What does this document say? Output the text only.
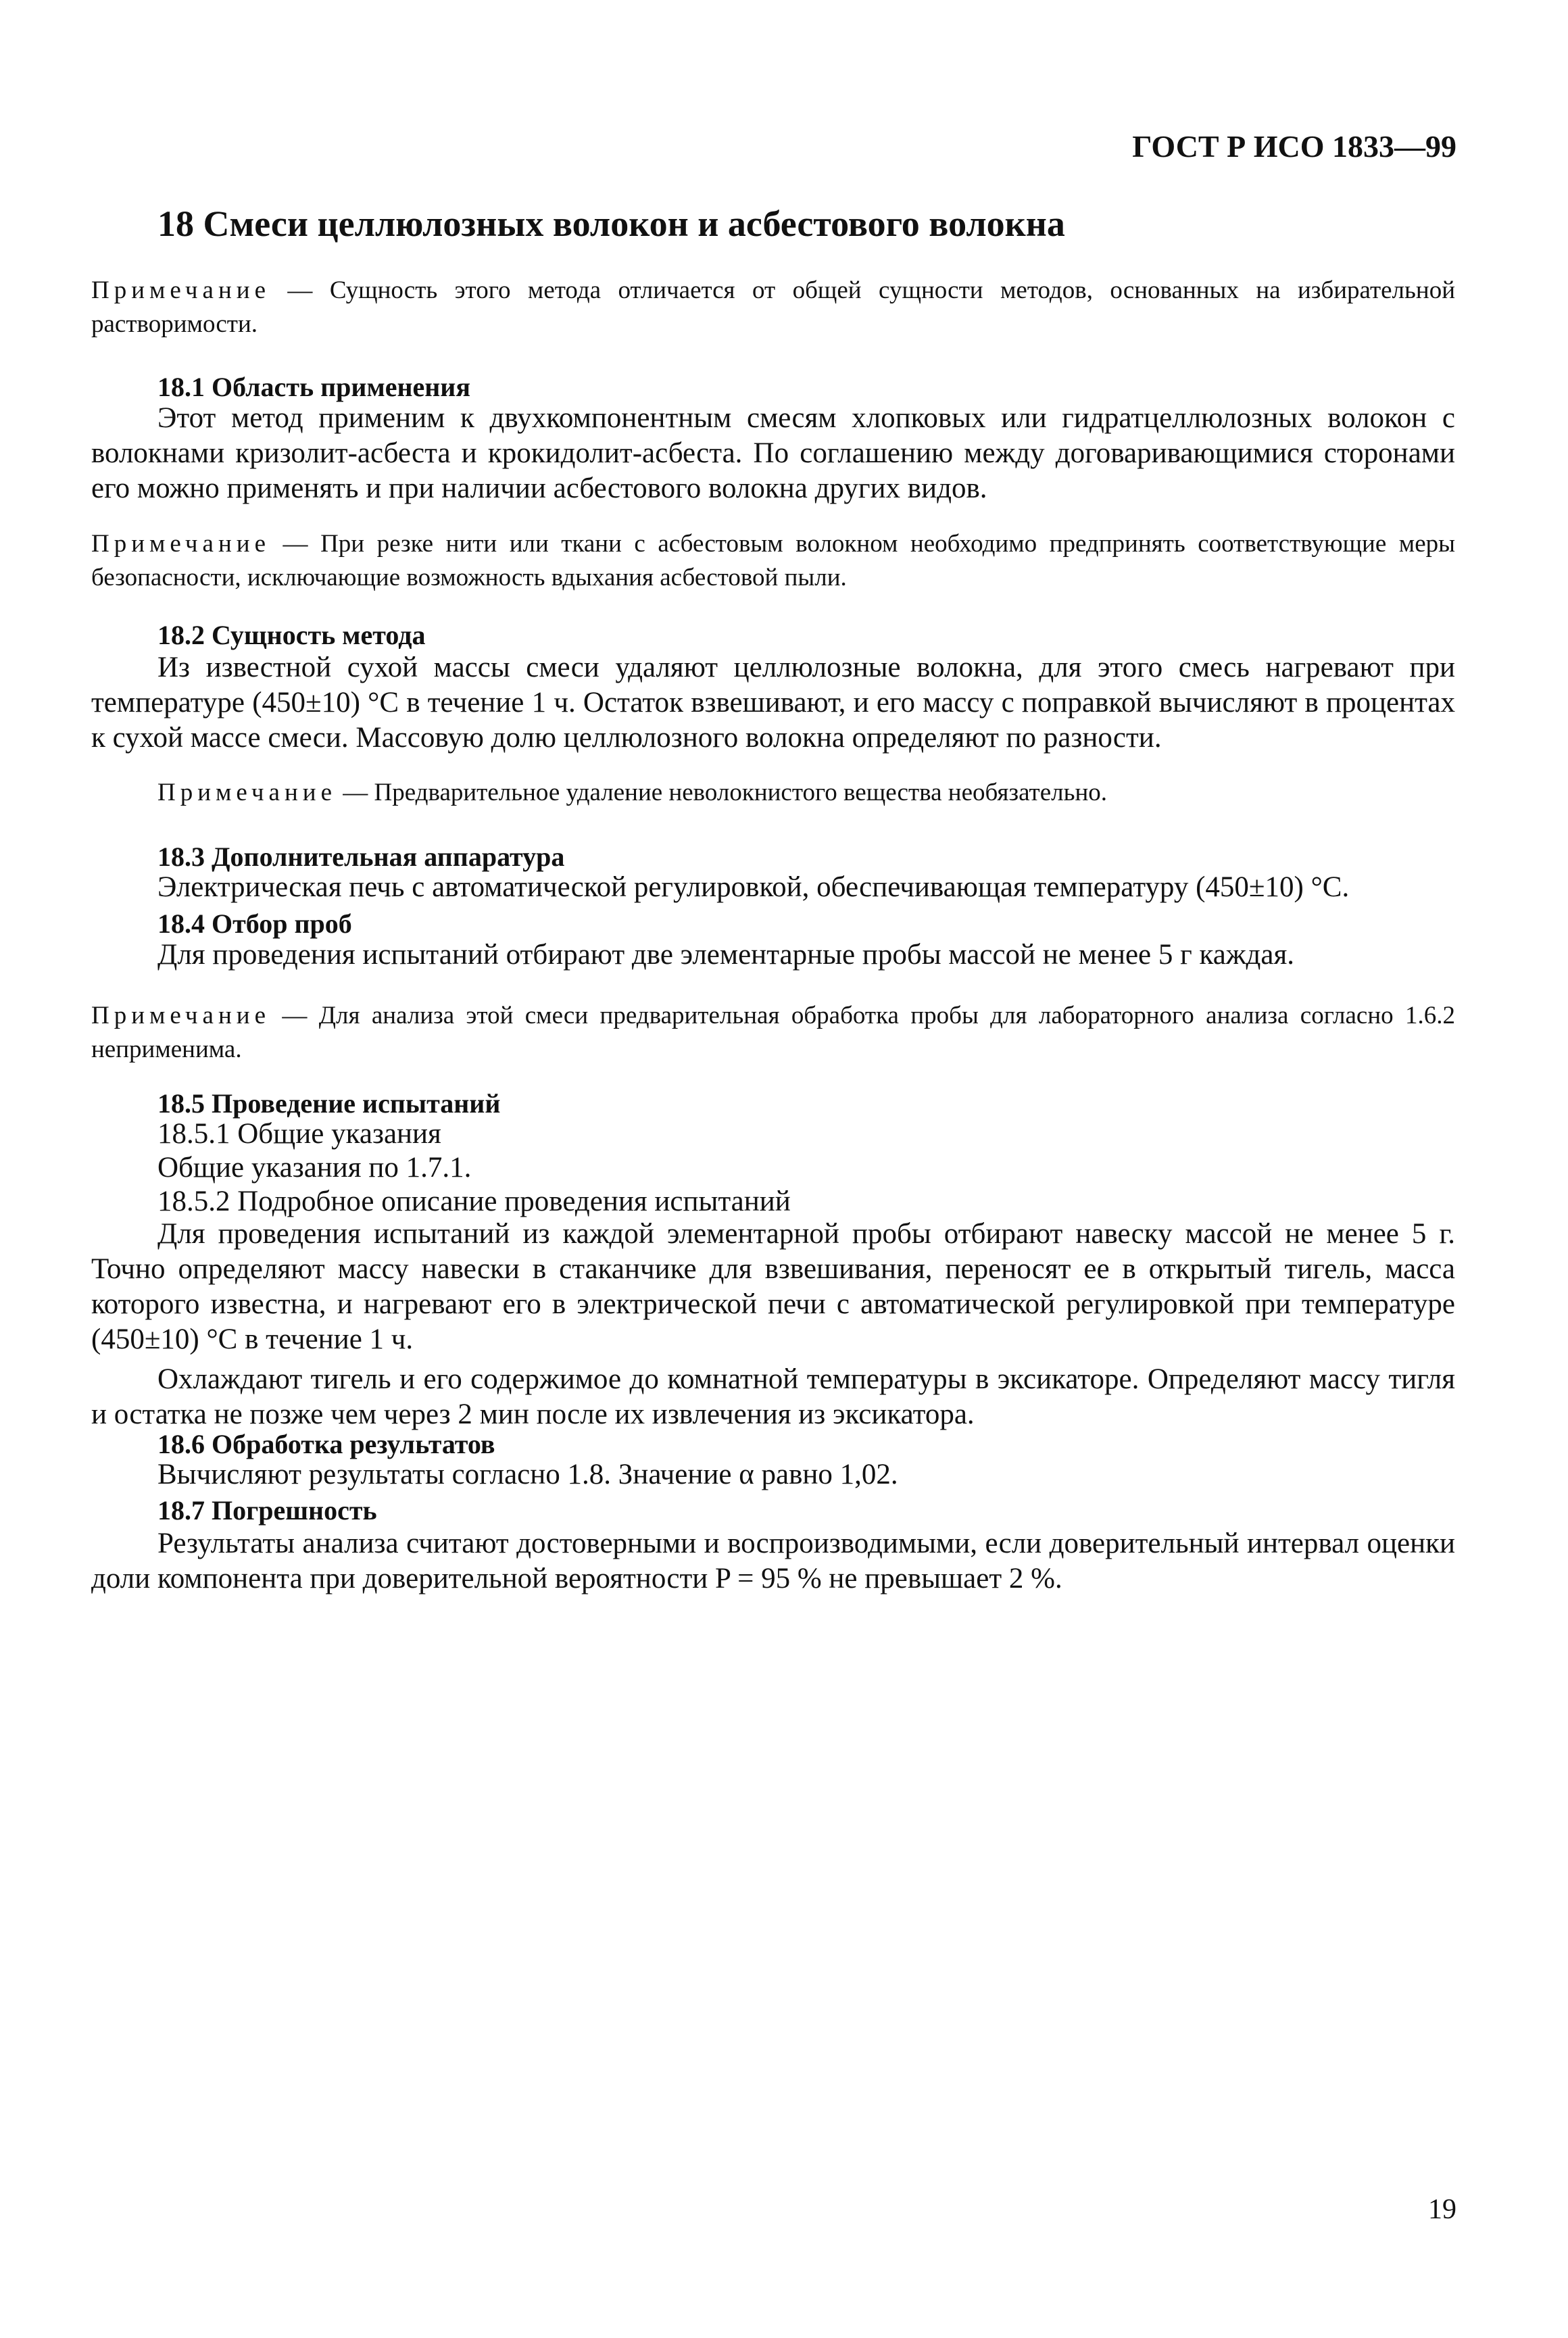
ГОСТ Р ИСО 1833—99
18 Смеси целлюлозных волокон и асбестового волокна
Примечание — Сущность этого метода отличается от общей сущности методов, основанных на избирательной растворимости.
18.1 Область применения
Этот метод применим к двухкомпонентным смесям хлопковых или гидратцеллюлозных волокон с волокнами кризолит-асбеста и крокидолит-асбеста. По соглашению между договаривающимися сторонами его можно применять и при наличии асбестового волокна других видов.
Примечание — При резке нити или ткани с асбестовым волокном необходимо предпринять соответствующие меры безопасности, исключающие возможность вдыхания асбестовой пыли.
18.2 Сущность метода
Из известной сухой массы смеси удаляют целлюлозные волокна, для этого смесь нагревают при температуре (450±10) °С в течение 1 ч. Остаток взвешивают, и его массу с поправкой вычисляют в процентах к сухой массе смеси. Массовую долю целлюлозного волокна определяют по разности.
Примечание — Предварительное удаление неволокнистого вещества необязательно.
18.3 Дополнительная аппаратура
Электрическая печь с автоматической регулировкой, обеспечивающая температуру (450±10) °С.
18.4 Отбор проб
Для проведения испытаний отбирают две элементарные пробы массой не менее 5 г каждая.
Примечание — Для анализа этой смеси предварительная обработка пробы для лабораторного анализа согласно 1.6.2 неприменима.
18.5 Проведение испытаний
18.5.1 Общие указания
Общие указания по 1.7.1.
18.5.2 Подробное описание проведения испытаний
Для проведения испытаний из каждой элементарной пробы отбирают навеску массой не менее 5 г. Точно определяют массу навески в стаканчике для взвешивания, переносят ее в открытый тигель, масса которого известна, и нагревают его в электрической печи с автоматической регулировкой при температуре (450±10) °С в течение 1 ч.
Охлаждают тигель и его содержимое до комнатной температуры в эксикаторе. Определяют массу тигля и остатка не позже чем через 2 мин после их извлечения из эксикатора.
18.6 Обработка результатов
Вычисляют результаты согласно 1.8. Значение α равно 1,02.
18.7 Погрешность
Результаты анализа считают достоверными и воспроизводимыми, если доверительный интервал оценки доли компонента при доверительной вероятности P = 95 % не превышает 2 %.
19
